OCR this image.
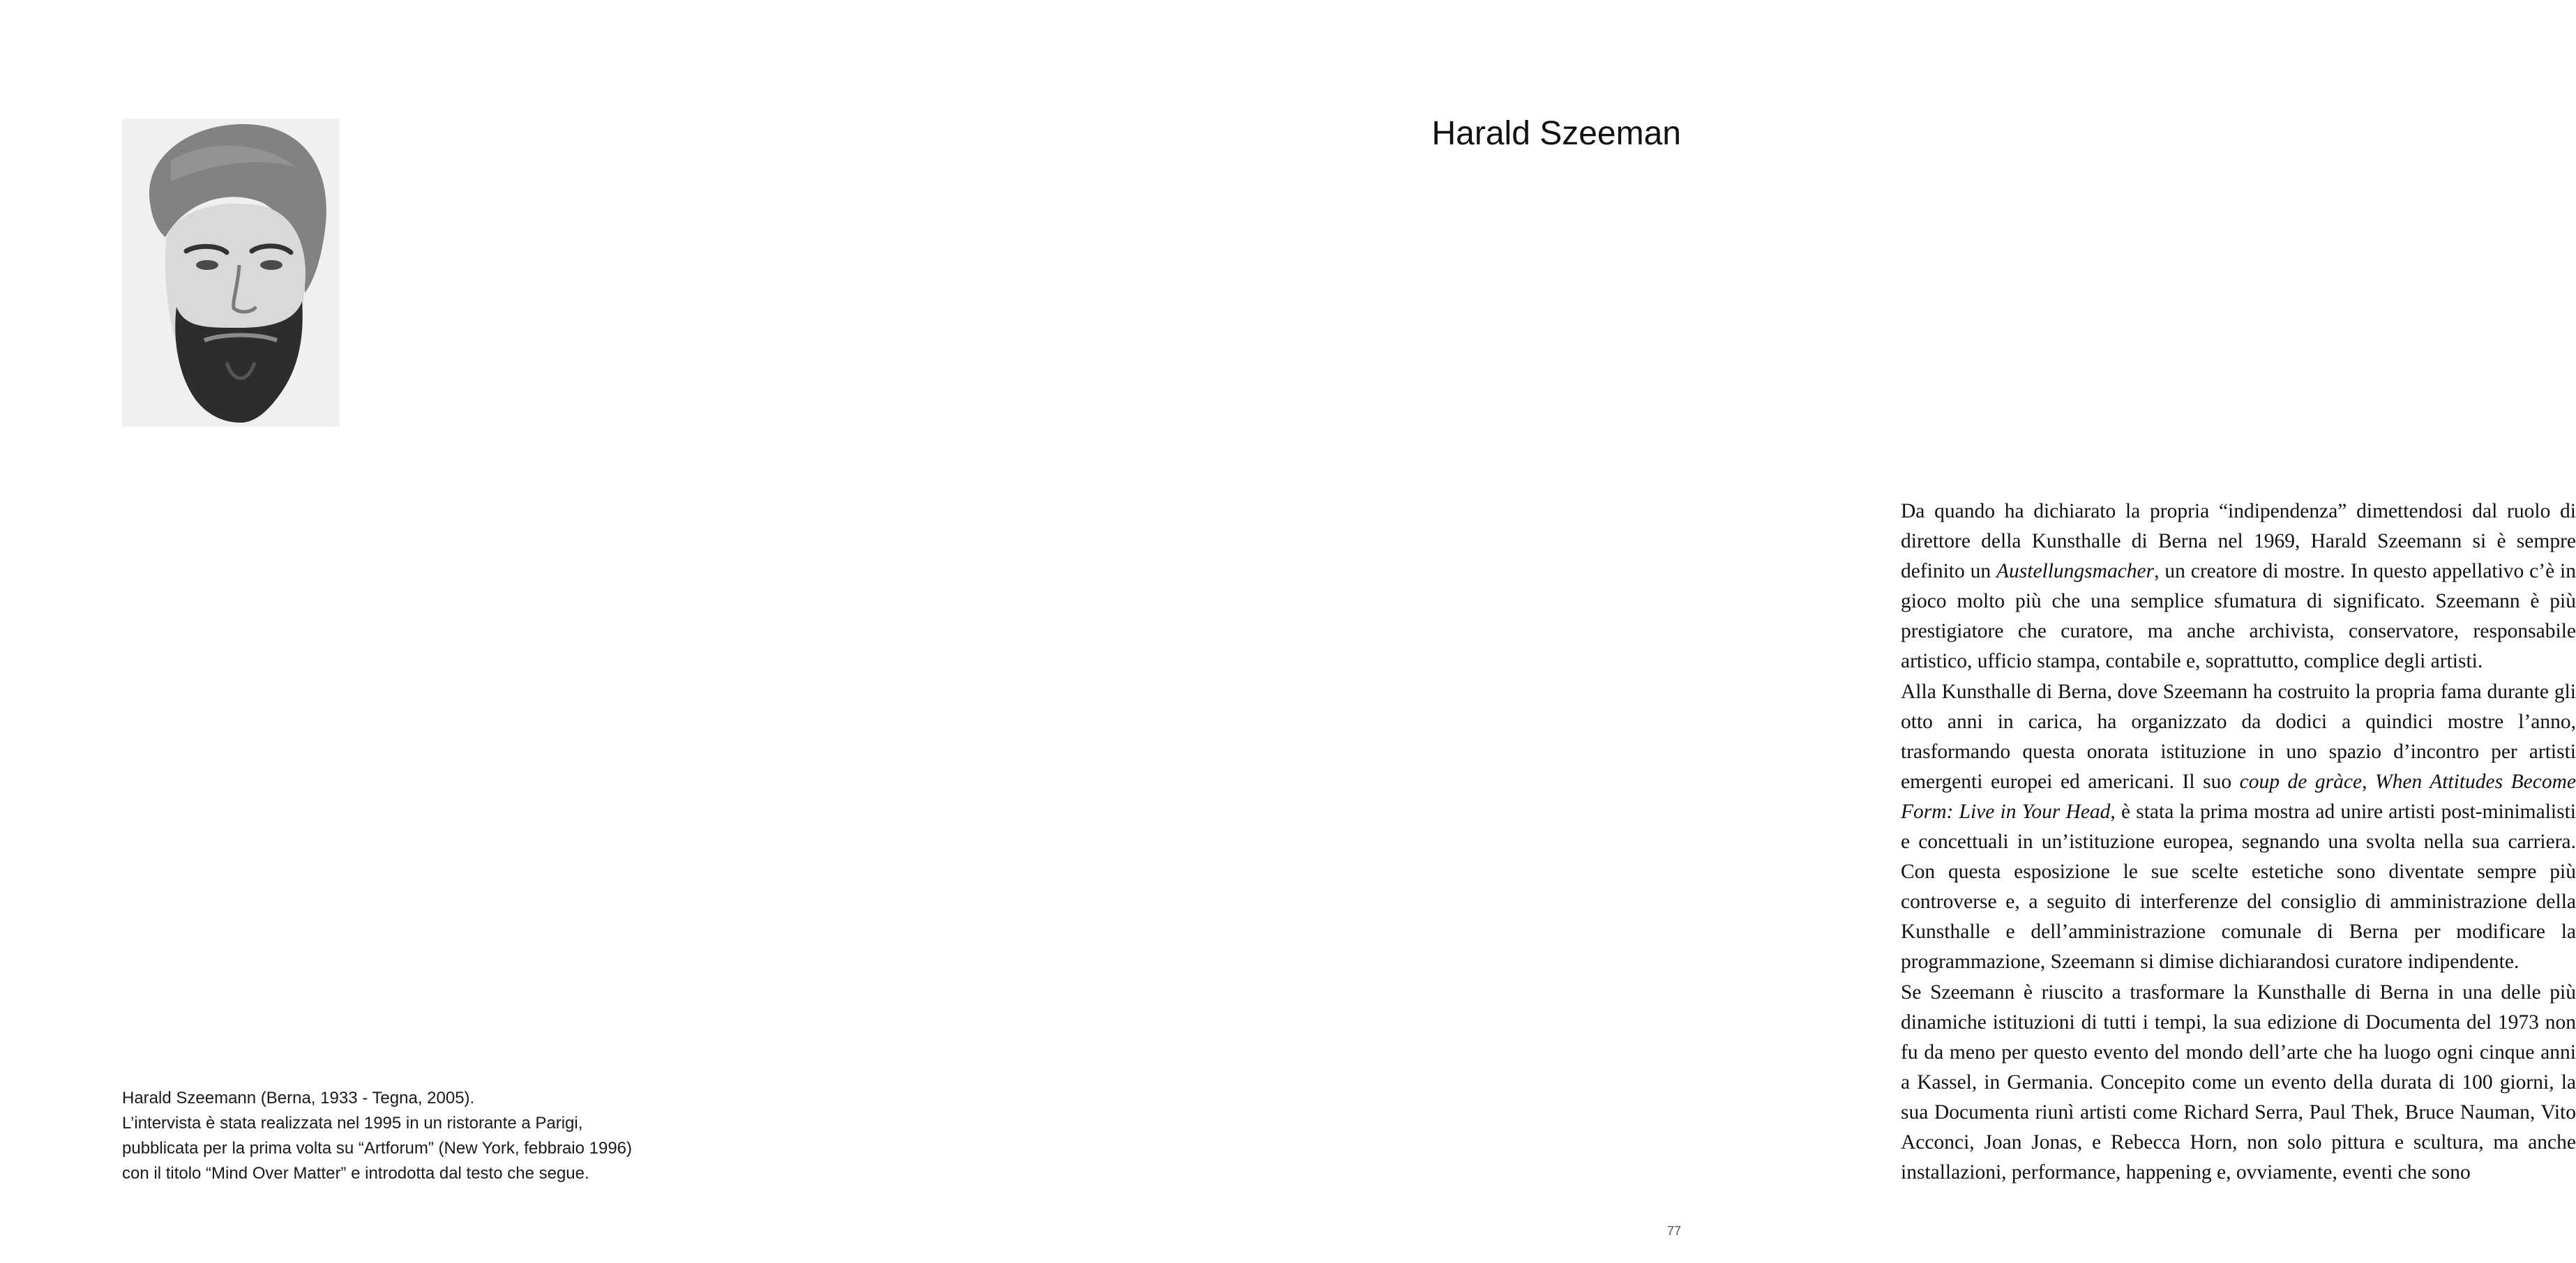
Harald Szeemann (Berna, 1933 - Tegna, 2005).
L’intervista è stata realizzata nel 1995 in un ristorante a Parigi,
pubblicata per la prima volta su “Artforum” (New York, febbraio 1996)
con il titolo “Mind Over Matter” e introdotta dal testo che segue.
Harald Szeeman

Da quando ha dichiarato la propria “indipendenza” dimettendosi dal ruolo di direttore della Kunsthalle di Berna nel 1969, Harald Szeemann si è sempre definito un Austellungsmacher, un creatore di mostre. In questo appellativo c’è in gioco molto più che una semplice sfumatura di significato. Szeemann è più prestigiatore che curatore, ma anche archivista, conservatore, responsabile artistico, ufficio stampa, contabile e, soprattutto, complice degli artisti.

Alla Kunsthalle di Berna, dove Szeemann ha costruito la propria fama durante gli otto anni in carica, ha organizzato da dodici a quindici mostre l’anno, trasformando questa onorata istituzione in uno spazio d’incontro per artisti emergenti europei ed americani. Il suo coup de gràce, When Attitudes Become Form: Live in Your Head, è stata la prima mostra ad unire artisti post-minimalisti e concettuali in un’istituzione europea, segnando una svolta nella sua carriera. Con questa esposizione le sue scelte estetiche sono diventate sempre più controverse e, a seguito di interferenze del consiglio di amministrazione della Kunsthalle e dell’amministrazione comunale di Berna per modificare la programmazione, Szeemann si dimise dichiarandosi curatore indipendente.

Se Szeemann è riuscito a trasformare la Kunsthalle di Berna in una delle più dinamiche istituzioni di tutti i tempi, la sua edizione di Documenta del 1973 non fu da meno per questo evento del mondo dell’arte che ha luogo ogni cinque anni a Kassel, in Germania. Concepito come un evento della durata di 100 giorni, la sua Documenta riunì artisti come Richard Serra, Paul Thek, Bruce Nauman, Vito Acconci, Joan Jonas, e Rebecca Horn, non solo pittura e scultura, ma anche installazioni, performance, happening e, ovviamente, eventi che sono

77
